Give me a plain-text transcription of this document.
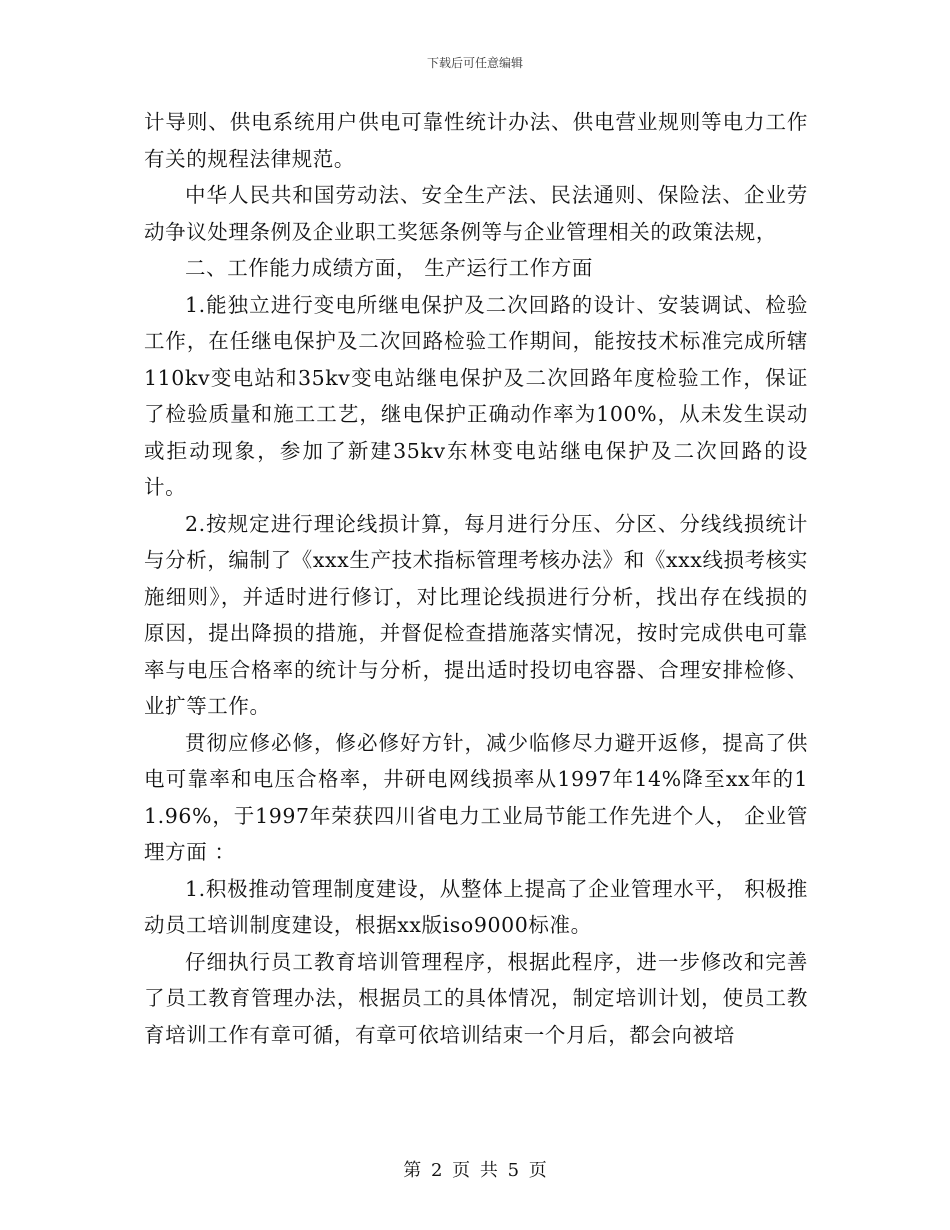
下载后可任意编辑

计导则、供电系统用户供电可靠性统计办法、供电营业规则等电力工作有关的规程法律规范。

中华人民共和国劳动法、安全生产法、民法通则、保险法、企业劳动争议处理条例及企业职工奖惩条例等与企业管理相关的政策法规，

二、工作能力成绩方面， 生产运行工作方面

1.能独立进行变电所继电保护及二次回路的设计、安装调试、检验工作，在任继电保护及二次回路检验工作期间，能按技术标准完成所辖110kv变电站和35kv变电站继电保护及二次回路年度检验工作，保证了检验质量和施工工艺，继电保护正确动作率为100%，从未发生误动或拒动现象，参加了新建35kv东林变电站继电保护及二次回路的设计。

2.按规定进行理论线损计算，每月进行分压、分区、分线线损统计与分析，编制了《xxx生产技术指标管理考核办法》和《xxx线损考核实施细则》，并适时进行修订，对比理论线损进行分析，找出存在线损的原因，提出降损的措施，并督促检查措施落实情况，按时完成供电可靠率与电压合格率的统计与分析，提出适时投切电容器、合理安排检修、业扩等工作。

贯彻应修必修，修必修好方针，减少临修尽力避开返修，提高了供电可靠率和电压合格率，井研电网线损率从1997年14%降至xx年的11.96%，于1997年荣获四川省电力工业局节能工作先进个人， 企业管理方面 ：

1.积极推动管理制度建设，从整体上提高了企业管理水平， 积极推动员工培训制度建设，根据xx版iso9000标准。

仔细执行员工教育培训管理程序，根据此程序，进一步修改和完善了员工教育管理办法，根据员工的具体情况，制定培训计划，使员工教育培训工作有章可循，有章可依培训结束一个月后，都会向被培

第 2 页 共 5 页
